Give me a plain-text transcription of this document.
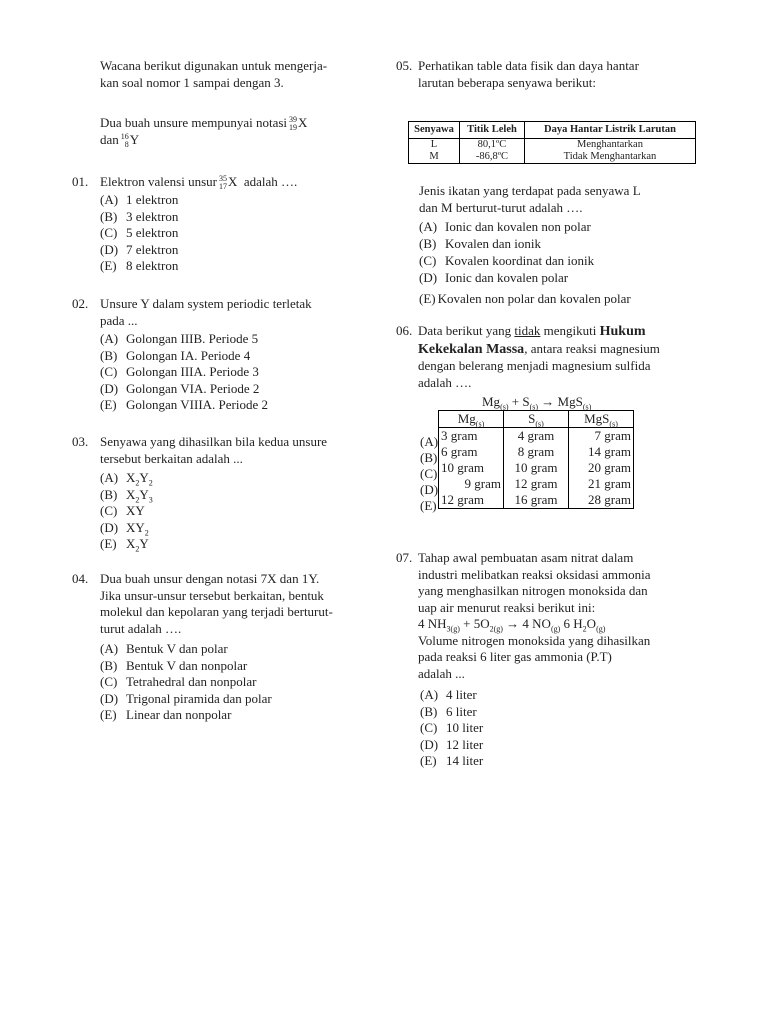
Wacana berikut digunakan untuk mengerja-
kan soal nomor 1 sampai dengan 3.
Dua buah unsure mempunyai notasi 39
19 X
dan 16
8 Y
01. Elektron valensi unsur 35
17 X adalah ….
(A) 1 elektron
(B) 3 elektron
(C) 5 elektron
(D) 7 elektron
(E) 8 elektron
02. Unsure Y dalam system periodic terletak
pada ...
(A) Golongan IIIB. Periode 5
(B) Golongan IA. Periode 4
(C) Golongan IIIA. Periode 3
(D) Golongan VIA. Periode 2
(E) Golongan VIIIA. Periode 2
03. Senyawa yang dihasilkan bila kedua unsure
tersebut berkaitan adalah ...
(A) $X_2Y_2$
(B) $X_2Y_3$
(C) XY
(D) $XY_2$
(E) $X_2Y$
04. Dua buah unsur dengan notasi 7X dan 1Y.
Jika unsur-unsur tersebut berkaitan, bentuk
molekul dan kepolaran yang terjadi berturut-
turut adalah ….
(A) Bentuk V dan polar
(B) Bentuk V dan nonpolar
(C) Tetrahedral dan nonpolar
(D) Trigonal piramida dan polar
(E) Linear dan nonpolar
05. Perhatikan table data fisik dan daya hantar
larutan beberapa senyawa berikut:
Senyawa	Titik Leleh	Daya Hantar Listrik Larutan
L	80,1ºC	Menghantarkan
M	-86,8ºC	Tidak Menghantarkan
Jenis ikatan yang terdapat pada senyawa L
dan M berturut-turut adalah ….
(A) Ionic dan kovalen non polar
(B) Kovalen dan ionik
(C) Kovalen koordinat dan ionik
(D) Ionic dan kovalen polar
(E) Kovalen non polar dan kovalen polar
06. Data berikut yang tidak mengikuti Hukum
Kekekalan Massa, antara reaksi magnesium
dengan belerang menjadi magnesium sulfida
adalah ….
$Mg_{(s)} + S_{(s)} \to MgS_{(s)}$
(A)
(B)
(C)
(D)
(E)
$Mg_{(s)}$	$S_{(s)}$	MgS$_{(s)}$
3 gram	4 gram	7 gram
6 gram	8 gram	14 gram
10 gram	10 gram	20 gram
9 gram	12 gram	21 gram
12 gram	16 gram	28 gram
07. Tahap awal pembuatan asam nitrat dalam
industri melibatkan reaksi oksidasi ammonia
yang menghasilkan nitrogen monoksida dan
uap air menurut reaksi berikut ini:
4 $NH_{3(g)} + 5O_{2(g)} \to 4$ $NO_{(g)}$ 6 $H_2O_{(g)}$
Volume nitrogen monoksida yang dihasilkan
pada reaksi 6 liter gas ammonia (P.T)
adalah ...
(A) 4 liter
(B) 6 liter
(C) 10 liter
(D) 12 liter
(E) 14 liter
